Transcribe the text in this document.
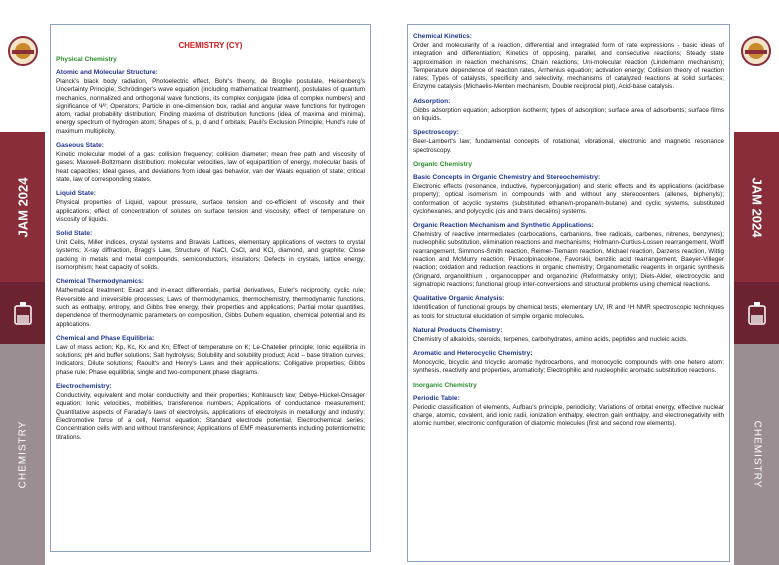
JAM 2024
CHEMISTRY
JAM 2024
CHEMISTRY
CHEMISTRY (CY)
Physical Chemistry
Atomic and Molecular Structure:

Planck's black body radiation, Photoelectric effect, Bohr's theory, de Broglie postulate, Heisenberg's Uncertainty Principle; Schrödinger's wave equation (including mathematical treatment), postulates of quantum mechanics, normalized and orthogonal wave functions, its complex conjugate (idea of complex numbers) and significance of Ψ²; Operators; Particle in one-dimension box, radial and angular wave functions for hydrogen atom, radial probability distribution; Finding maxima of distribution functions (idea of maxima and minima), energy spectrum of hydrogen atom; Shapes of s, p, d and f orbitals; Pauli's Exclusion Principle; Hund's rule of maximum multiplicity.

Gaseous State:

Kinetic molecular model of a gas: collision frequency; collision diameter; mean free path and viscosity of gases; Maxwell-Boltzmann distribution: molecular velocities, law of equipartition of energy, molecular basis of heat capacities; Ideal gases, and deviations from ideal gas behavior, van der Waals equation of state; critical state, law of corresponding states.

Liquid State:

Physical properties of Liquid, vapour pressure, surface tension and co-efficient of viscosity and their applications; effect of concentration of solutes on surface tension and viscosity; effect of temperature on viscosity of liquids.

Solid State:

Unit Cells, Miller indices, crystal systems and Bravais Lattices, elementary applications of vectors to crystal systems; X-ray diffraction, Bragg's Law, Structure of NaCl, CsCl, and KCl, diamond, and graphite; Close packing in metals and metal compounds, semiconductors, insulators; Defects in crystals, lattice energy; isomorphism; heat capacity of solids.

Chemical Thermodynamics:

Mathematical treatment: Exact and in-exact differentials, partial derivatives, Euler's reciprocity, cyclic rule; Reversible and irreversible processes; Laws of thermodynamics, thermochemistry, thermodynamic functions, such as enthalpy, entropy, and Gibbs free energy, their properties and applications; Partial molar quantities, dependence of thermodynamic parameters on composition, Gibbs Duhem equation, chemical potential and its applications.

Chemical and Phase Equilibria:

Law of mass action; Kp, Kc, Kx and Kn; Effect of temperature on K; Le-Chatelier principle; Ionic equilibria in solutions; pH and buffer solutions; Salt hydrolysis; Solubility and solubility product; Acid – base titration curves; Indicators; Dilute solutions; Raoult's and Henry's Laws and their applications; Colligative properties; Gibbs phase rule; Phase equilibria; single and two-component phase diagrams.

Electrochemistry:

Conductivity, equivalent and molar conductivity and their properties; Kohlrausch law; Debye-Hückel-Onsager equation; Ionic velocities, mobilities, transference numbers; Applications of conductance measurement; Quantitative aspects of Faraday's laws of electrolysis, applications of electrolysis in metallurgy and industry; Electromotive force of a cell, Nernst equation; Standard electrode potential, Electrochemical series; Concentration cells with and without transference; Applications of EMF measurements including potentiometric titrations.

Chemical Kinetics:

Order and molecularity of a reaction, differential and integrated form of rate expressions - basic ideas of integration and differentiation; Kinetics of opposing, parallel, and consecutive reactions; Steady state approximation in reaction mechanisms; Chain reactions; Uni-molecular reaction (Lindemann mechanism); Temperature dependence of reaction rates, Arrhenius equation; activation energy; Collision theory of reaction rates; Types of catalysts, specificity and selectivity, mechanisms of catalyzed reactions at solid surfaces; Enzyme catalysis (Michaelis-Menten mechanism, Double reciprocal plot), Acid-base catalysis.

Adsorption:

Gibbs adsorption equation; adsorption isotherm; types of adsorption; surface area of adsorbents; surface films on liquids.

Spectroscopy:

Beer-Lambert's law; fundamental concepts of rotational, vibrational, electronic and magnetic resonance spectroscopy.

Organic Chemistry
Basic Concepts in Organic Chemistry and Stereochemistry:

Electronic effects (resonance, inductive, hyperconjugation) and steric effects and its applications (acid/base property); optical isomerism in compounds with and without any stereocenters (allenes, biphenyls); conformation of acyclic systems (substituted ethane/n-propane/n-butane) and cyclic systems, substituted cyclohexanes, and polycyclic (cis and trans decalins) systems.

Organic Reaction Mechanism and Synthetic Applications:

Chemistry of reactive intermediates (carbocations, carbanions, free radicals, carbenes, nitrenes, benzynes); nucleophilic substitution, elimination reactions and mechanisms; Hofmann-Curtius-Lossen rearrangement, Wolff rearrangement, Simmons-Smith reaction, Reimer-Tiemann reaction, Michael reaction, Darzens reaction, Wittig reaction and McMurry reaction; Pinacolpinacolone, Favorskii, benzilic acid rearrangement, Baeyer-Villeger reaction; oxidation and reduction reactions in organic chemistry; Organometallic reagents in organic synthesis (Grignard, organolithium , organocopper and organozinc (Reformatsky only); Diels-Alder, electrocyclic and sigmatropic reactions; functional group inter-conversions and structural problems using chemical reactions.

Qualitative Organic Analysis:

Identification of functional groups by chemical tests; elementary UV, IR and ¹H NMR spectroscopic techniques as tools for structural elucidation of simple organic molecules.

Natural Products Chemistry:

Chemistry of alkaloids, steroids, terpenes, carbohydrates, amino acids, peptides and nucleic acids.

Aromatic and Heterocyclic Chemistry:

Monocyclic, bicyclic and tricyclic aromatic hydrocarbons, and monocyclic compounds with one hetero atom: synthesis, reactivity and properties, aromaticity; Electrophilic and nucleophilic aromatic substitution reactions.

Inorganic Chemistry
Periodic Table:

Periodic classification of elements, Aufbau's principle, periodicity; Variations of orbital energy, effective nuclear charge, atomic, covalent, and ionic radii, ionization enthalpy, electron gain enthalpy, and electronegativity with atomic number, electronic configuration of diatomic molecules (first and second row elements).
